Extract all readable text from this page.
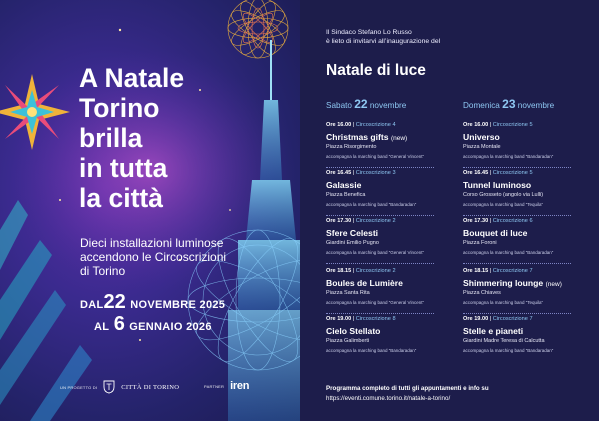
A Natale
Torino
brilla
in tutta
la città
Dieci installazioni luminose
accendono le Circoscrizioni
di Torino
DAL22 NOVEMBRE 2025
AL 6 GENNAIO 2026
UN PROGETTO DI	CITTÀ DI TORINO	PARTNER iren
Il Sindaco Stefano Lo Russo
è lieto di invitarvi all’inaugurazione del
Natale di luce
Sabato 22 novembre
Ore 16.00 | Circoscrizione 4
Christmas gifts (new)
Piazza Risorgimento
accompagna la marching band “General Vincent”
Ore 16.45 | Circoscrizione 3
Galassie
Piazza Benefica
accompagna la marching band “Bandaradan”
Ore 17.30 | Circoscrizione 2
Sfere Celesti
Giardini Emilio Pugno
accompagna la marching band “General Vincent”
Ore 18.15 | Circoscrizione 2
Boules de Lumière
Piazza Santa Rita
accompagna la marching band “General Vincent”
Ore 19.00 | Circoscrizione 8
Cielo Stellato
Piazza Galimberti
accompagna la marching band “Bandaradan”
Domenica 23 novembre
Ore 16.00 | Circoscrizione 5
Universo
Piazza Montale
accompagna la marching band “Bandaradan”
Ore 16.45 | Circoscrizione 5
Tunnel luminoso
Corso Grosseto (angolo via Lulli)
accompagna la marching band “Tequila”
Ore 17.30 | Circoscrizione 6
Bouquet di luce
Piazza Foroni
accompagna la marching band “Bandaradan”
Ore 18.15 | Circoscrizione 7
Shimmering lounge (new)
Piazza Chiaves
accompagna la marching band “Tequila”
Ore 19.00 | Circoscrizione 7
Stelle e pianeti
Giardini Madre Teresa di Calcutta
accompagna la marching band “Bandaradan”
Programma completo di tutti gli appuntamenti e info su
https://eventi.comune.torino.it/natale-a-torino/
